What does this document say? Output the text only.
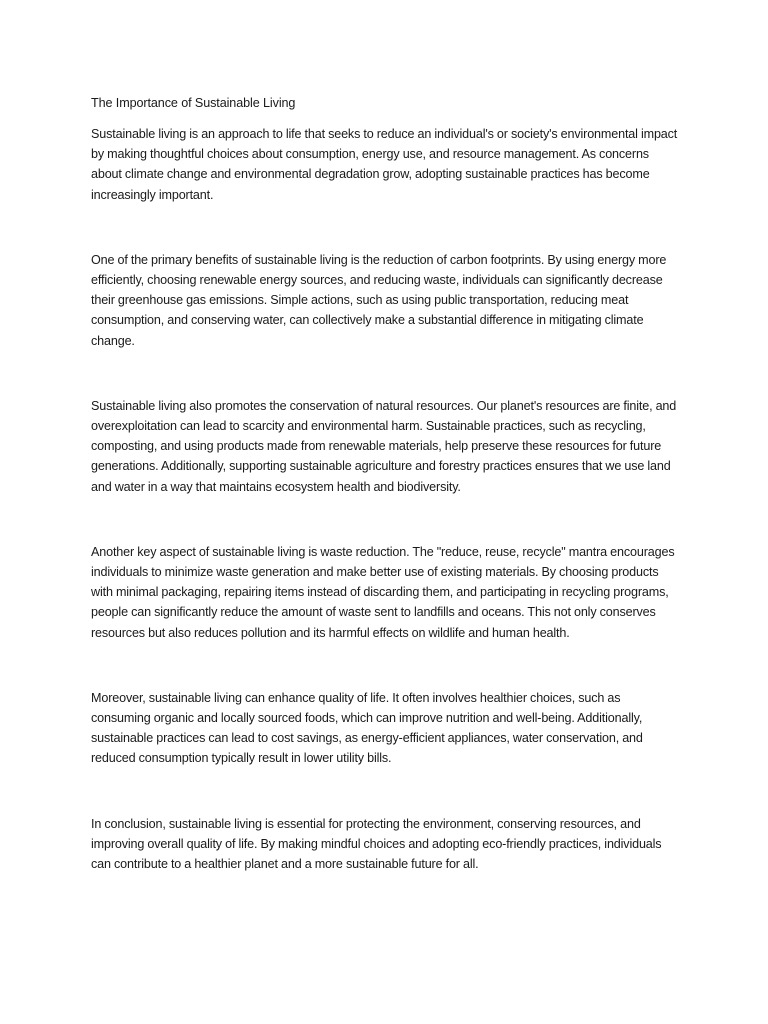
The Importance of Sustainable Living

Sustainable living is an approach to life that seeks to reduce an individual's or society's environmental impact by making thoughtful choices about consumption, energy use, and resource management. As concerns about climate change and environmental degradation grow, adopting sustainable practices has become increasingly important.

One of the primary benefits of sustainable living is the reduction of carbon footprints. By using energy more efficiently, choosing renewable energy sources, and reducing waste, individuals can significantly decrease their greenhouse gas emissions. Simple actions, such as using public transportation, reducing meat consumption, and conserving water, can collectively make a substantial difference in mitigating climate change.

Sustainable living also promotes the conservation of natural resources. Our planet's resources are finite, and overexploitation can lead to scarcity and environmental harm. Sustainable practices, such as recycling, composting, and using products made from renewable materials, help preserve these resources for future generations. Additionally, supporting sustainable agriculture and forestry practices ensures that we use land and water in a way that maintains ecosystem health and biodiversity.

Another key aspect of sustainable living is waste reduction. The "reduce, reuse, recycle" mantra encourages individuals to minimize waste generation and make better use of existing materials. By choosing products with minimal packaging, repairing items instead of discarding them, and participating in recycling programs, people can significantly reduce the amount of waste sent to landfills and oceans. This not only conserves resources but also reduces pollution and its harmful effects on wildlife and human health.

Moreover, sustainable living can enhance quality of life. It often involves healthier choices, such as consuming organic and locally sourced foods, which can improve nutrition and well-being. Additionally, sustainable practices can lead to cost savings, as energy-efficient appliances, water conservation, and reduced consumption typically result in lower utility bills.

In conclusion, sustainable living is essential for protecting the environment, conserving resources, and improving overall quality of life. By making mindful choices and adopting eco-friendly practices, individuals can contribute to a healthier planet and a more sustainable future for all.
